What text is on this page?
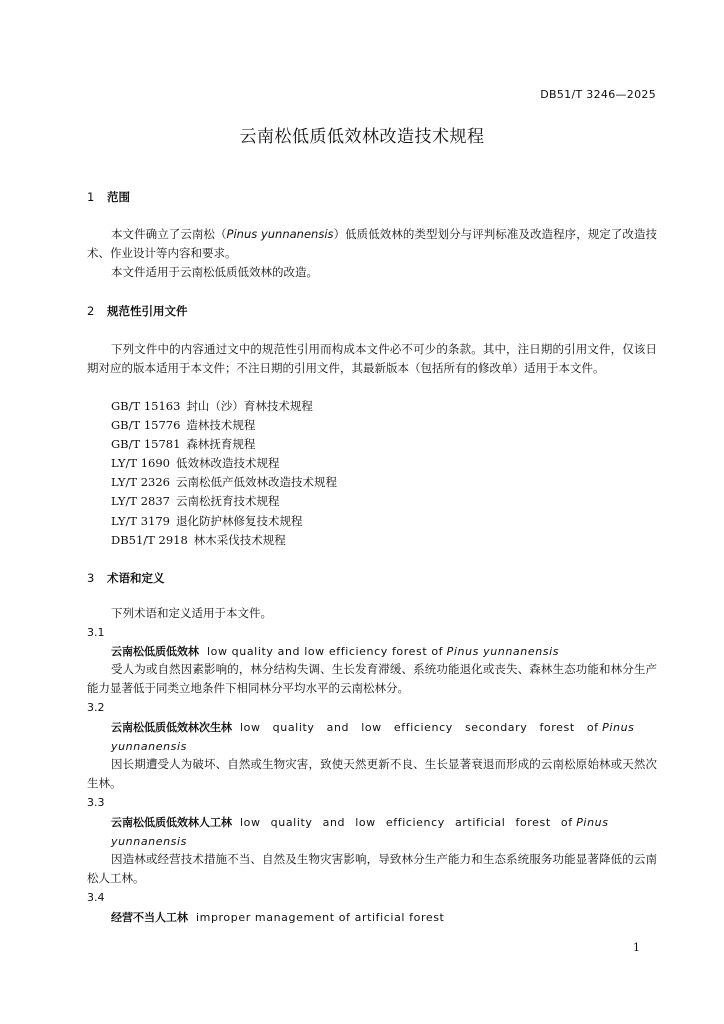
DB51/T 3246—2025
云南松低质低效林改造技术规程
1 范围
本文件确立了云南松（Pinus yunnanensis）低质低效林的类型划分与评判标准及改造程序，规定了改造技术、作业设计等内容和要求。
本文件适用于云南松低质低效林的改造。
2 规范性引用文件
下列文件中的内容通过文中的规范性引用而构成本文件必不可少的条款。其中，注日期的引用文件，仅该日期对应的版本适用于本文件；不注日期的引用文件，其最新版本（包括所有的修改单）适用于本文件。
GB/T 15163 封山（沙）育林技术规程
GB/T 15776 造林技术规程
GB/T 15781 森林抚育规程
LY/T 1690 低效林改造技术规程
LY/T 2326 云南松低产低效林改造技术规程
LY/T 2837 云南松抚育技术规程
LY/T 3179 退化防护林修复技术规程
DB51/T 2918 林木采伐技术规程
3 术语和定义
下列术语和定义适用于本文件。
3.1
云南松低质低效林 low quality and low efficiency forest of Pinus yunnanensis
受人为或自然因素影响的，林分结构失调、生长发育滞缓、系统功能退化或丧失、森林生态功能和林分生产能力显著低于同类立地条件下相同林分平均水平的云南松林分。
3.2
云南松低质低效林次生林 low quality and low efficiency secondary forest of Pinus
yunnanensis
因长期遭受人为破坏、自然或生物灾害，致使天然更新不良、生长显著衰退而形成的云南松原始林或天然次生林。
3.3
云南松低质低效林人工林 low quality and low efficiency artificial forest of Pinus
yunnanensis
因造林或经营技术措施不当、自然及生物灾害影响，导致林分生产能力和生态系统服务功能显著降低的云南松人工林。
3.4
经营不当人工林 improper management of artificial forest
1
